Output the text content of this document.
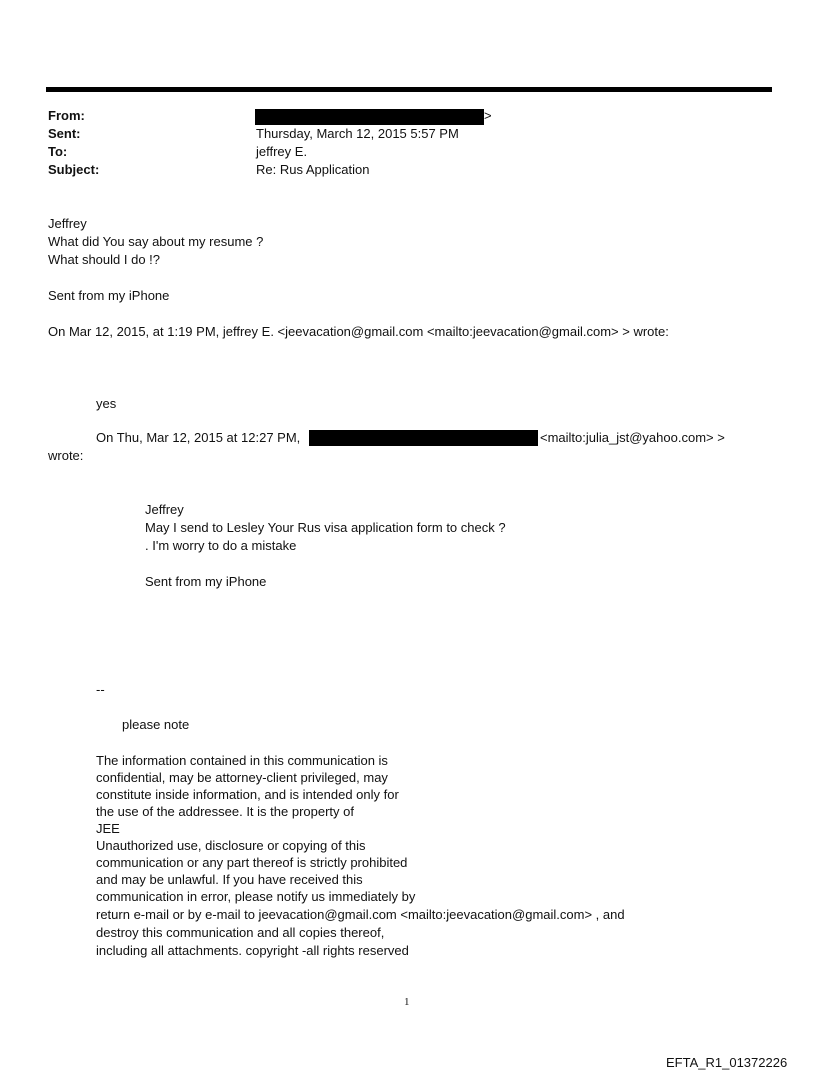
From:	>
Sent:	Thursday, March 12, 2015 5:57 PM
To:	jeffrey E.
Subject:	Re: Rus Application
Jeffrey
What did You say about my resume ?
What should I do !?
Sent from my iPhone
On Mar 12, 2015, at 1:19 PM, jeffrey E. <jeevacation@gmail.com <mailto:jeevacation@gmail.com> > wrote:
yes
On Thu, Mar 12, 2015 at 12:27 PM,	<mailto:julia_jst@yahoo.com> >
wrote:
Jeffrey
May I send to Lesley Your Rus visa application form to check ?
. I'm worry to do a mistake
Sent from my iPhone
--
please note
The information contained in this communication is
confidential, may be attorney-client privileged, may
constitute inside information, and is intended only for
the use of the addressee. It is the property of
JEE
Unauthorized use, disclosure or copying of this
communication or any part thereof is strictly prohibited
and may be unlawful. If you have received this
communication in error, please notify us immediately by
return e-mail or by e-mail to jeevacation@gmail.com <mailto:jeevacation@gmail.com> , and
destroy this communication and all copies thereof,
including all attachments. copyright -all rights reserved
1
EFTA_R1_01372226
